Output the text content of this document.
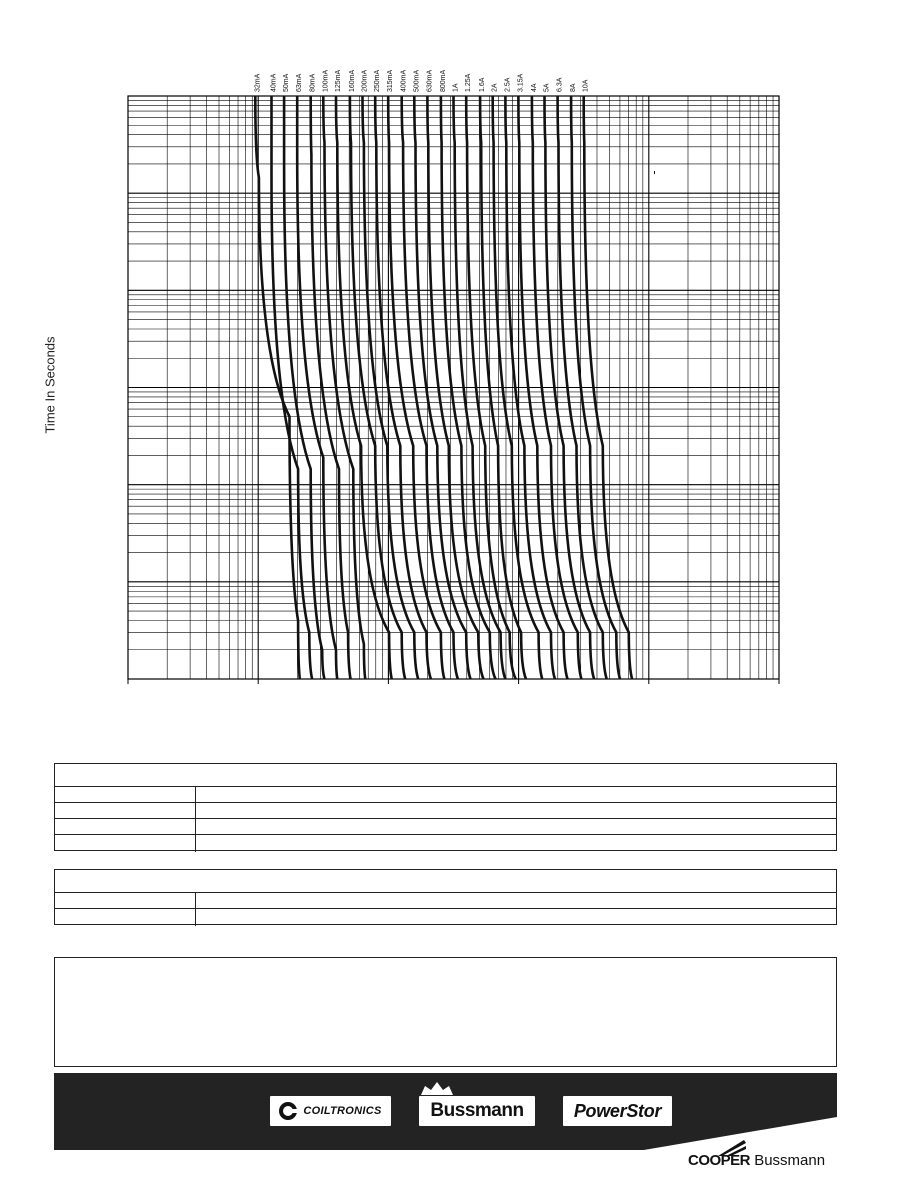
32mA 40mA 50mA 63mA 80mA 100mA 125mA 160mA 200mA 250mA 315mA 400mA 500mA 630mA 800mA 1A 1.25A 1.6A 2A 2.5A 3.15A 4A 5A 6.3A 8A 10A
Time In Seconds
COILTRONICS	Bussmann	PowerStor
COOPER Bussmann
